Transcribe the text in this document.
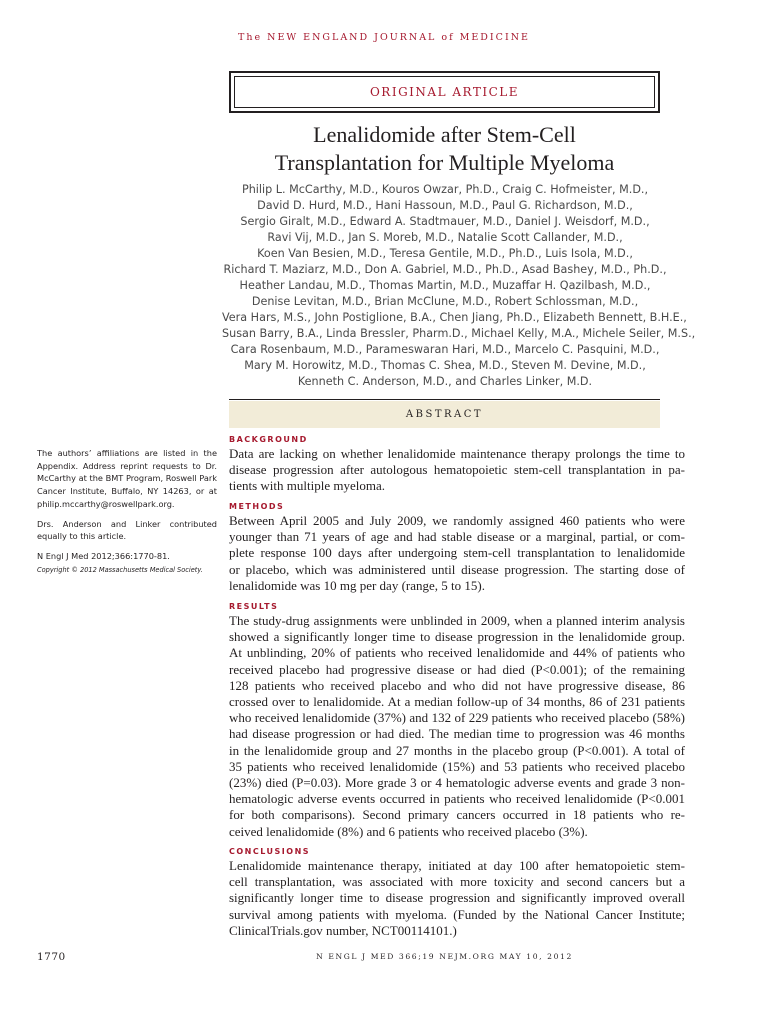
The NEW ENGLAND JOURNAL of MEDICINE
ORIGINAL ARTICLE
Lenalidomide after Stem-Cell
Transplantation for Multiple Myeloma
Philip L. McCarthy, M.D., Kouros Owzar, Ph.D., Craig C. Hofmeister, M.D.,
David D. Hurd, M.D., Hani Hassoun, M.D., Paul G. Richardson, M.D.,
Sergio Giralt, M.D., Edward A. Stadtmauer, M.D., Daniel J. Weisdorf, M.D.,
Ravi Vij, M.D., Jan S. Moreb, M.D., Natalie Scott Callander, M.D.,
Koen Van Besien, M.D., Teresa Gentile, M.D., Ph.D., Luis Isola, M.D.,
Richard T. Maziarz, M.D., Don A. Gabriel, M.D., Ph.D., Asad Bashey, M.D., Ph.D.,
Heather Landau, M.D., Thomas Martin, M.D., Muzaffar H. Qazilbash, M.D.,
Denise Levitan, M.D., Brian McClune, M.D., Robert Schlossman, M.D.,
Vera Hars, M.S., John Postiglione, B.A., Chen Jiang, Ph.D., Elizabeth Bennett, B.H.E.,
Susan Barry, B.A., Linda Bressler, Pharm.D., Michael Kelly, M.A., Michele Seiler, M.S.,
Cara Rosenbaum, M.D., Parameswaran Hari, M.D., Marcelo C. Pasquini, M.D.,
Mary M. Horowitz, M.D., Thomas C. Shea, M.D., Steven M. Devine, M.D.,
Kenneth C. Anderson, M.D., and Charles Linker, M.D.
ABSTRACT

The authors’ affiliations are listed in the Appendix. Address reprint requests to Dr. McCarthy at the BMT Program, Roswell Park Cancer Institute, Buffalo, NY 14263, or at philip.mccarthy@roswellpark.org.

Drs. Anderson and Linker contributed equally to this article.

N Engl J Med 2012;366:1770-81.

Copyright © 2012 Massachusetts Medical Society.

BACKGROUND
Data are lacking on whether lenalidomide maintenance therapy prolongs the time to
disease progression after autologous hematopoietic stem-cell transplantation in pa-
tients with multiple myeloma.
METHODS
Between April 2005 and July 2009, we randomly assigned 460 patients who were
younger than 71 years of age and had stable disease or a marginal, partial, or com-
plete response 100 days after undergoing stem-cell transplantation to lenalidomide
or placebo, which was administered until disease progression. The starting dose of
lenalidomide was 10 mg per day (range, 5 to 15).
RESULTS
The study-drug assignments were unblinded in 2009, when a planned interim analysis
showed a significantly longer time to disease progression in the lenalidomide group.
At unblinding, 20% of patients who received lenalidomide and 44% of patients who
received placebo had progressive disease or had died (P<0.001); of the remaining
128 patients who received placebo and who did not have progressive disease, 86
crossed over to lenalidomide. At a median follow-up of 34 months, 86 of 231 patients
who received lenalidomide (37%) and 132 of 229 patients who received placebo (58%)
had disease progression or had died. The median time to progression was 46 months
in the lenalidomide group and 27 months in the placebo group (P<0.001). A total of
35 patients who received lenalidomide (15%) and 53 patients who received placebo
(23%) died (P=0.03). More grade 3 or 4 hematologic adverse events and grade 3 non-
hematologic adverse events occurred in patients who received lenalidomide (P<0.001
for both comparisons). Second primary cancers occurred in 18 patients who re-
ceived lenalidomide (8%) and 6 patients who received placebo (3%).
CONCLUSIONS
Lenalidomide maintenance therapy, initiated at day 100 after hematopoietic stem-
cell transplantation, was associated with more toxicity and second cancers but a
significantly longer time to disease progression and significantly improved overall
survival among patients with myeloma. (Funded by the National Cancer Institute;
ClinicalTrials.gov number, NCT00114101.)
1770	N ENGL J MED 366;19 NEJM.ORG MAY 10, 2012
